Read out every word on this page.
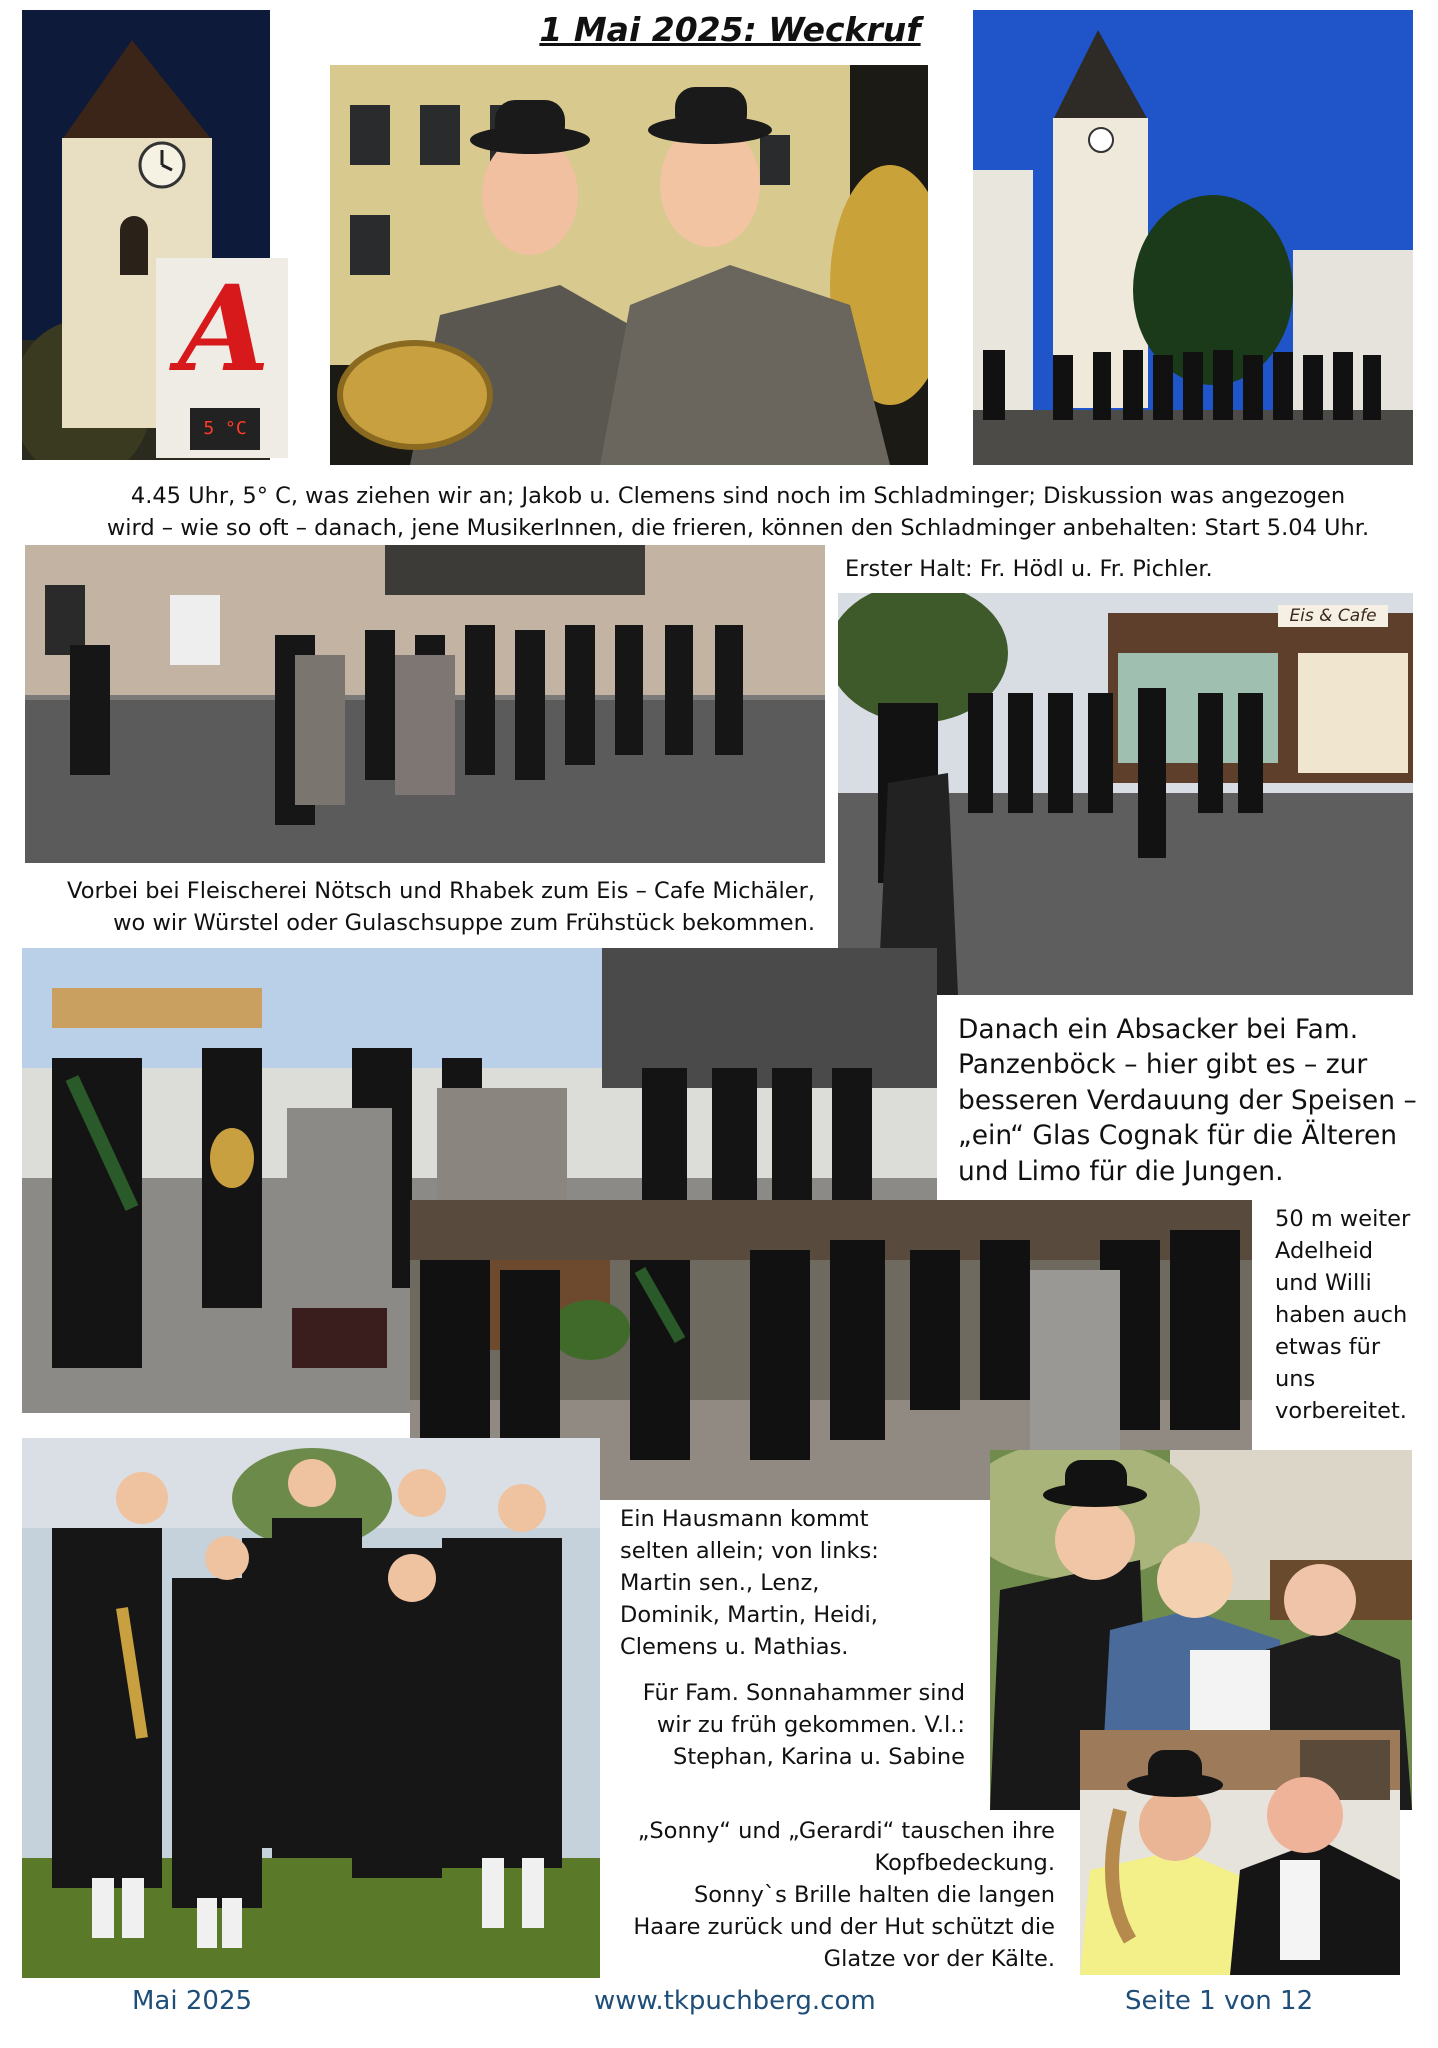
1 Mai 2025: Weckruf
A
5 °C
4.45 Uhr, 5° C, was ziehen wir an; Jakob u. Clemens sind noch im Schladminger; Diskussion was angezogen
wird – wie so oft – danach, jene MusikerInnen, die frieren, können den Schladminger anbehalten: Start 5.04 Uhr.
Erster Halt: Fr. Hödl u. Fr. Pichler.
Eis & Cafe
Vorbei bei Fleischerei Nötsch und Rhabek zum Eis – Cafe Michäler,
wo wir Würstel oder Gulaschsuppe zum Frühstück bekommen.
Danach ein Absacker bei Fam.
Panzenböck – hier gibt es – zur
besseren Verdauung der Speisen –
„ein“ Glas Cognak für die Älteren
und Limo für die Jungen.
50 m weiter
Adelheid
und Willi
haben auch
etwas für
uns
vorbereitet.
Ein Hausmann kommt
selten allein; von links:
Martin sen., Lenz,
Dominik, Martin, Heidi,
Clemens u. Mathias.
Für Fam. Sonnahammer sind
wir zu früh gekommen. V.l.:
Stephan, Karina u. Sabine
„Sonny“ und „Gerardi“ tauschen ihre
Kopfbedeckung.
Sonny`s Brille halten die langen
Haare zurück und der Hut schützt die
Glatze vor der Kälte.
Mai 2025	www.tkpuchberg.com	Seite 1 von 12
